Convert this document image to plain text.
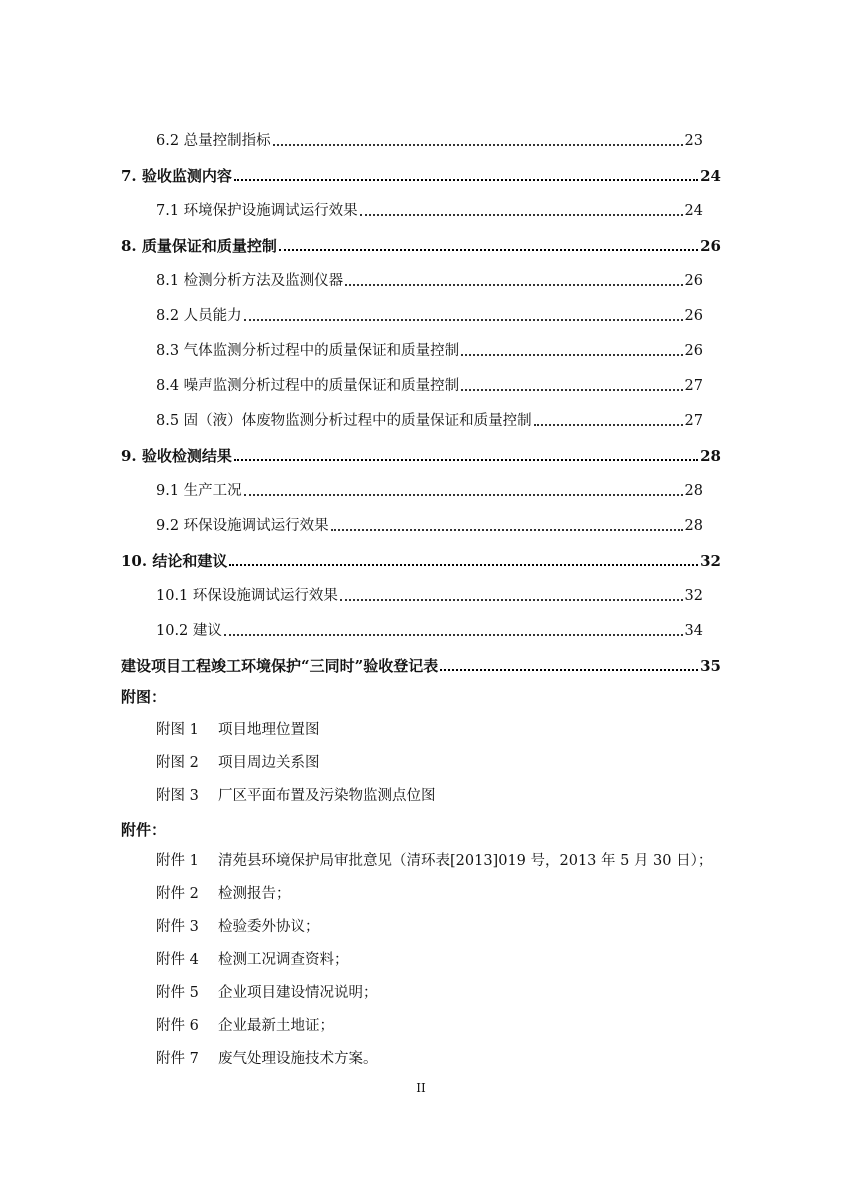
6.2 总量控制指标	23
7. 验收监测内容	24
7.1 环境保护设施调试运行效果	24
8. 质量保证和质量控制	26
8.1 检测分析方法及监测仪器	26
8.2 人员能力	26
8.3 气体监测分析过程中的质量保证和质量控制	26
8.4 噪声监测分析过程中的质量保证和质量控制	27
8.5 固（液）体废物监测分析过程中的质量保证和质量控制	27
9. 验收检测结果	28
9.1 生产工况	28
9.2 环保设施调试运行效果	28
10. 结论和建议	32
10.1 环保设施调试运行效果	32
10.2 建议	34
建设项目工程竣工环境保护“三同时”验收登记表	35
附图：
附图 1	项目地理位置图
附图 2	项目周边关系图
附图 3	厂区平面布置及污染物监测点位图
附件：
附件 1	清苑县环境保护局审批意见（清环表[2013]019 号，2013 年 5 月 30 日）；
附件 2	检测报告；
附件 3	检验委外协议；
附件 4	检测工况调查资料；
附件 5	企业项目建设情况说明；
附件 6	企业最新土地证；
附件 7	废气处理设施技术方案。
II
